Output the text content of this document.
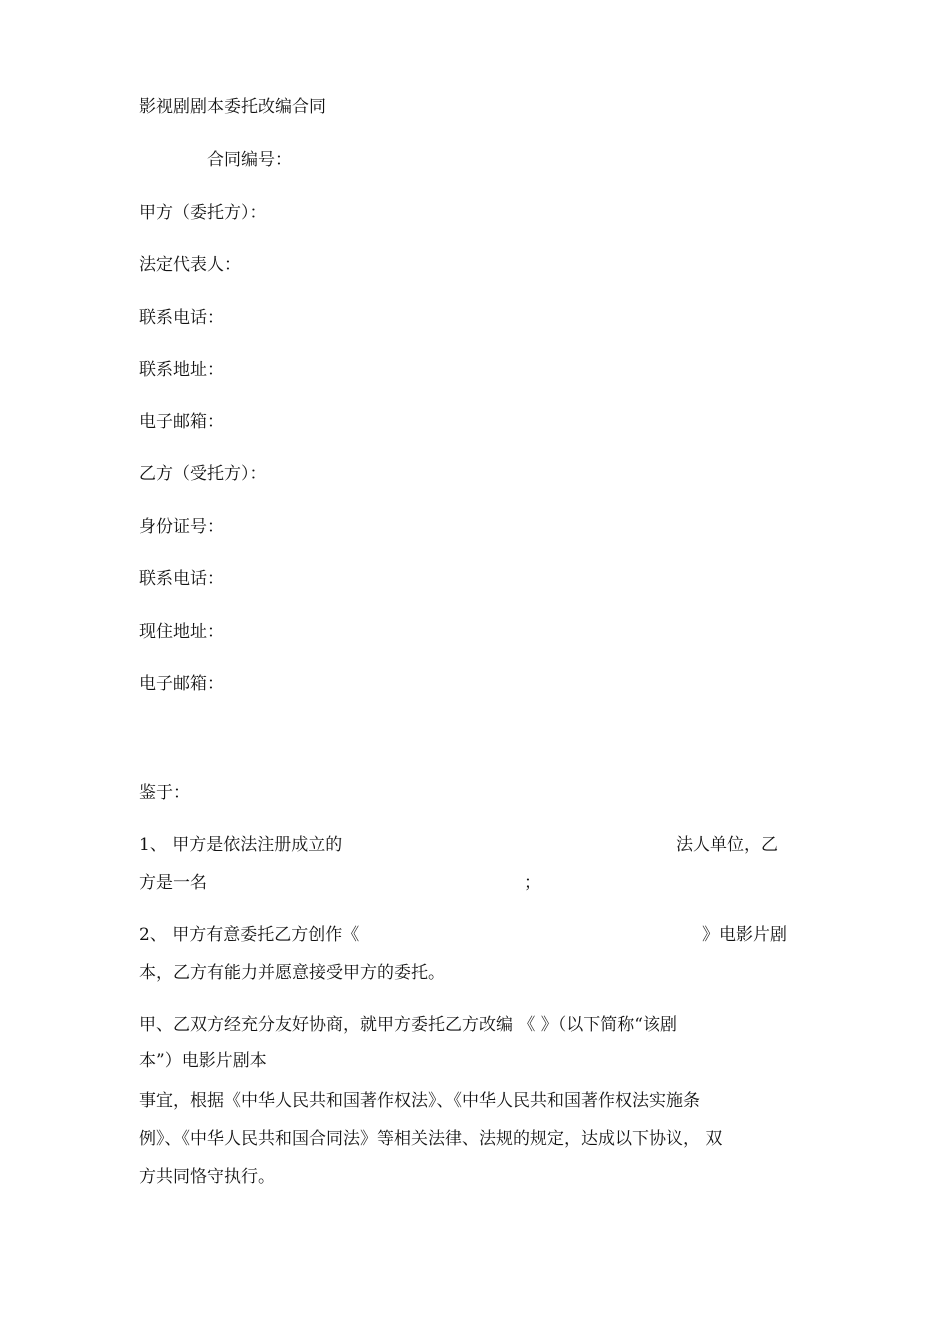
影视剧剧本委托改编合同
合同编号：
甲方（委托方）：
法定代表人：
联系电话：
联系地址：
电子邮箱：
乙方（受托方）：
身份证号：
联系电话：
现住地址：
电子邮箱：
鉴于：
1、 甲方是依法注册成立的	法人单位，乙
方是一名	；
2、 甲方有意委托乙方创作《	》电影片剧
本，乙方有能力并愿意接受甲方的委托。
甲、乙双方经充分友好协商，就甲方委托乙方改编 《 》（以下简称“该剧
本”）电影片剧本
事宜，根据《中华人民共和国著作权法》、《中华人民共和国著作权法实施条
例》、《中华人民共和国合同法》等相关法律、法规的规定，达成以下协议， 双
方共同恪守执行。
